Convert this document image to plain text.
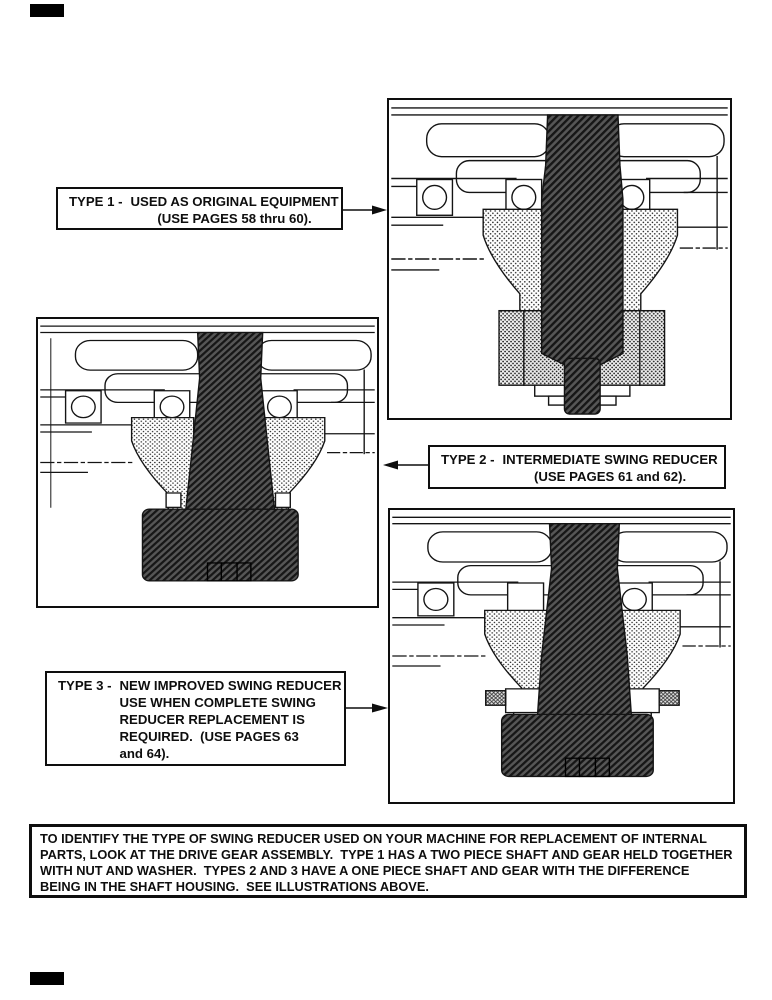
TYPE 1 - USED AS ORIGINAL EQUIPMENT
(USE PAGES 58 thru 60).
TYPE 2 - INTERMEDIATE SWING REDUCER
(USE PAGES 61 and 62).
TYPE 3 - NEW IMPROVED SWING REDUCER
USE WHEN COMPLETE SWING
REDUCER REPLACEMENT IS
REQUIRED.  (USE PAGES 63
and 64).
TO IDENTIFY THE TYPE OF SWING REDUCER USED ON YOUR MACHINE FOR REPLACEMENT OF INTERNAL
PARTS, LOOK AT THE DRIVE GEAR ASSEMBLY.  TYPE 1 HAS A TWO PIECE SHAFT AND GEAR HELD TOGETHER
WITH NUT AND WASHER.  TYPES 2 AND 3 HAVE A ONE PIECE SHAFT AND GEAR WITH THE DIFFERENCE
BEING IN THE SHAFT HOUSING.  SEE ILLUSTRATIONS ABOVE.
